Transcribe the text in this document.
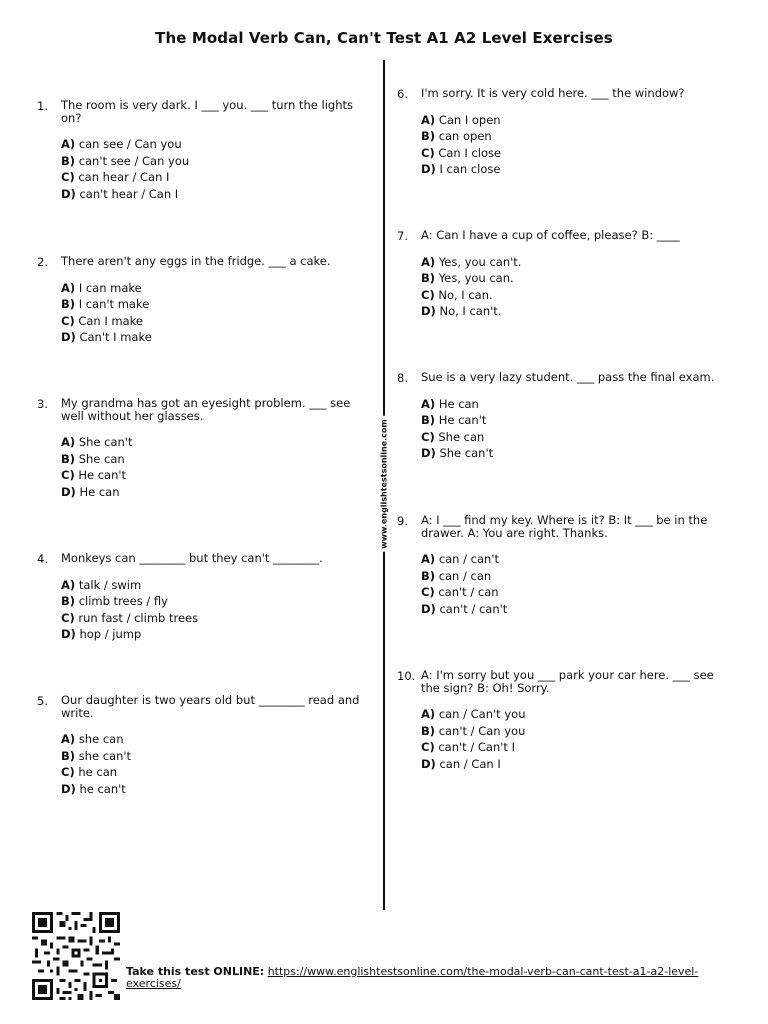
The Modal Verb Can, Can't Test A1 A2 Level Exercises
www.englishtestsonline.com
1. The room is very dark. I ___ you. ___ turn the lights on?
A) can see / Can you
B) can't see / Can you
C) can hear / Can I
D) can't hear / Can I
2. There aren't any eggs in the fridge. ___ a cake.
A) I can make
B) I can't make
C) Can I make
D) Can't I make
3. My grandma has got an eyesight problem. ___ see well without her glasses.
A) She can't
B) She can
C) He can't
D) He can
4. Monkeys can ________ but they can't ________.
A) talk / swim
B) climb trees / fly
C) run fast / climb trees
D) hop / jump
5. Our daughter is two years old but ________ read and write.
A) she can
B) she can't
C) he can
D) he can't
6. I'm sorry. It is very cold here. ___ the window?
A) Can I open
B) can open
C) Can I close
D) I can close
7. A: Can I have a cup of coffee, please? B: ____
A) Yes, you can't.
B) Yes, you can.
C) No, I can.
D) No, I can't.
8. Sue is a very lazy student. ___ pass the final exam.
A) He can
B) He can't
C) She can
D) She can't
9. A: I ___ find my key. Where is it? B: It ___ be in the drawer. A: You are right. Thanks.
A) can / can't
B) can / can
C) can't / can
D) can't / can't
10. A: I'm sorry but you ___ park your car here. ___ see the sign? B: Oh! Sorry.
A) can / Can't you
B) can't / Can you
C) can't / Can't I
D) can / Can I
Take this test ONLINE: https://www.englishtestsonline.com/the-modal-verb-can-cant-test-a1-a2-level-exercises/
